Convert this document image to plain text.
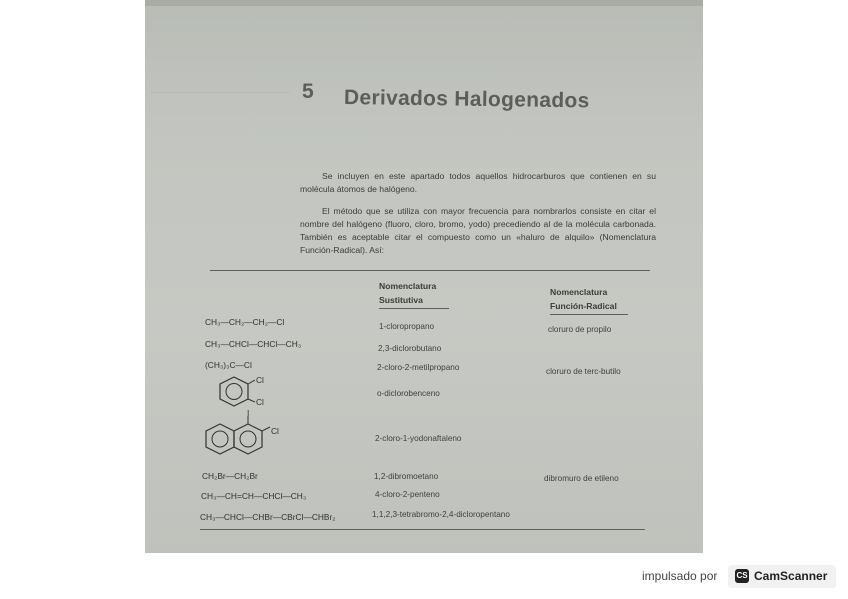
5 Derivados Halogenados
Se incluyen en este apartado todos aquellos hidrocarburos que contienen en su molécula átomos de halógeno.
El método que se utiliza con mayor frecuencia para nombrarlos consiste en citar el nombre del halógeno (fluoro, cloro, bromo, yodo) precediendo al de la molécula carbonada. También es aceptable citar el compuesto como un «haluro de alquilo» (Nomenclatura Función-Radical). Así:
Nomenclatura
Sustitutiva
Nomenclatura
Función-Radical
CH₃—CH₂—CH₂—Cl	1-cloropropano	cloruro de propilo
CH₃—CHCl—CHCl—CH₃	2,3-diclorobutano
(CH₃)₃C—Cl	2-cloro-2-metilpropano	cloruro de terc-butilo
Cl
Cl
o-diclorobenceno
I
Cl
2-cloro-1-yodonaftaleno
CH₂Br—CH₂Br	1,2-dibromoetano	dibromuro de etileno
CH₃—CH=CH—CHCl—CH₃	4-cloro-2-penteno
CH₃—CHCl—CHBr—CBrCl—CHBr₂	1,1,2,3-tetrabromo-2,4-dicloropentano
impulsado por CS CamScanner
